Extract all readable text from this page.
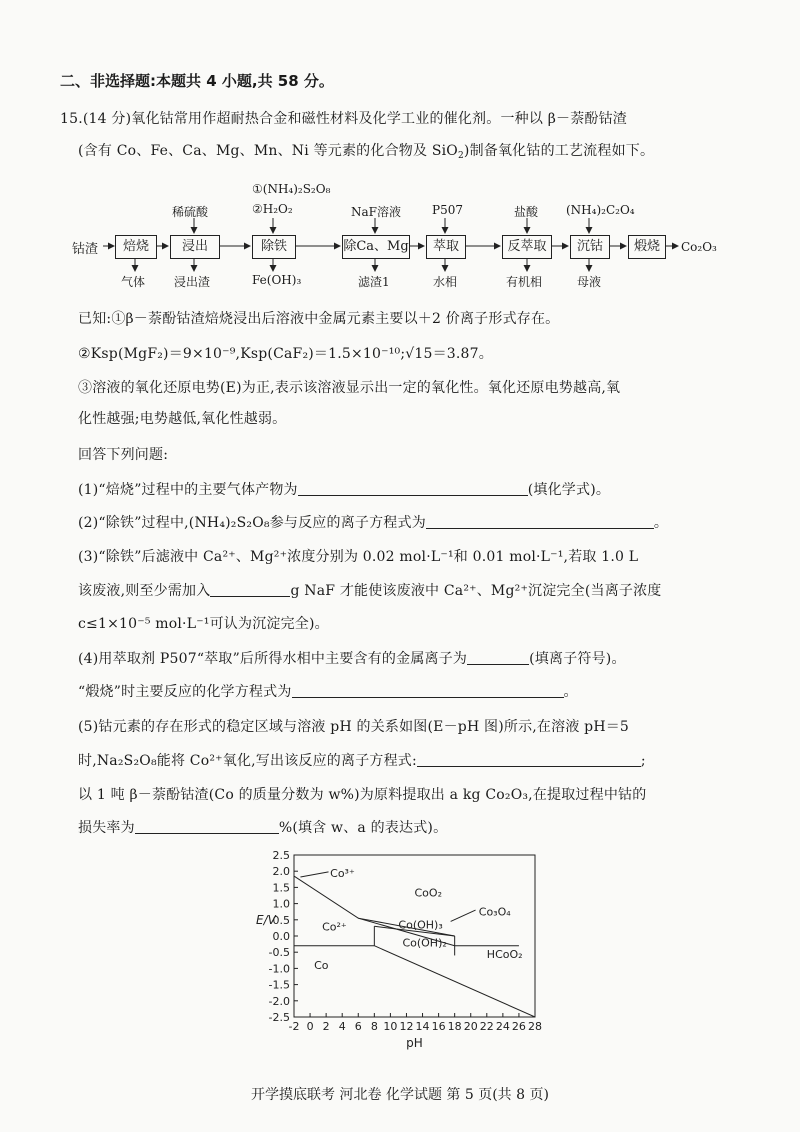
二、非选择题:本题共 4 小题,共 58 分。
15.(14 分)氧化钴常用作超耐热合金和磁性材料及化学工业的催化剂。一种以 β－萘酚钴渣
(含有 Co、Fe、Ca、Mg、Mn、Ni 等元素的化合物及 SiO$_2$)制备氧化钴的工艺流程如下。
钴渣	焙烧	浸出	除铁	除Ca、Mg	萃取	反萃取	沉钴	煅烧	Co₂O₃
稀硫酸
①(NH₄)₂S₂O₈
②H₂O₂	NaF溶液	P507	盐酸 (NH₄)₂C₂O₄
气体 浸出渣	Fe(OH)₃	滤渣1	水相	有机相	母液
已知:①β－萘酚钴渣焙烧浸出后溶液中金属元素主要以＋2 价离子形式存在。
②Ksp(MgF₂)＝9×10⁻⁹,Ksp(CaF₂)＝1.5×10⁻¹⁰;√15＝3.87。
③溶液的氧化还原电势(E)为正,表示该溶液显示出一定的氧化性。氧化还原电势越高,氧
化性越强;电势越低,氧化性越弱。
回答下列问题:
(1)“焙烧”过程中的主要气体产物为	(填化学式)。
(2)“除铁”过程中,(NH₄)₂S₂O₈参与反应的离子方程式为	。
(3)“除铁”后滤液中 Ca²⁺、Mg²⁺浓度分别为 0.02 mol·L⁻¹和 0.01 mol·L⁻¹,若取 1.0 L
该废液,则至少需加入	g NaF 才能使该废液中 Ca²⁺、Mg²⁺沉淀完全(当离子浓度
c≤1×10⁻⁵ mol·L⁻¹可认为沉淀完全)。
(4)用萃取剂 P507“萃取”后所得水相中主要含有的金属离子为	(填离子符号)。
“煅烧”时主要反应的化学方程式为	。
(5)钴元素的存在形式的稳定区域与溶液 pH 的关系如图(E－pH 图)所示,在溶液 pH＝5
时,Na₂S₂O₈能将 Co²⁺氧化,写出该反应的离子方程式:	;
以 1 吨 β－萘酚钴渣(Co 的质量分数为 w%)为原料提取出 a kg Co₂O₃,在提取过程中钴的
损失率为	%(填含 w、a 的表达式)。
2.5
2.0
1.5
1.0
0.5
0.0
-0.5
-1.0
-1.5
-2.0
-2.5
-2 0 2 4 6 8 10 12 14 16 18 20 22 24 26 28
pH
E/V
Co³⁺
CoO₂
Co₃O₄
Co(OH)₃
Co²⁺
Co(OH)₂
HCoO₂
Co
开学摸底联考 河北卷 化学试题 第 5 页(共 8 页)
